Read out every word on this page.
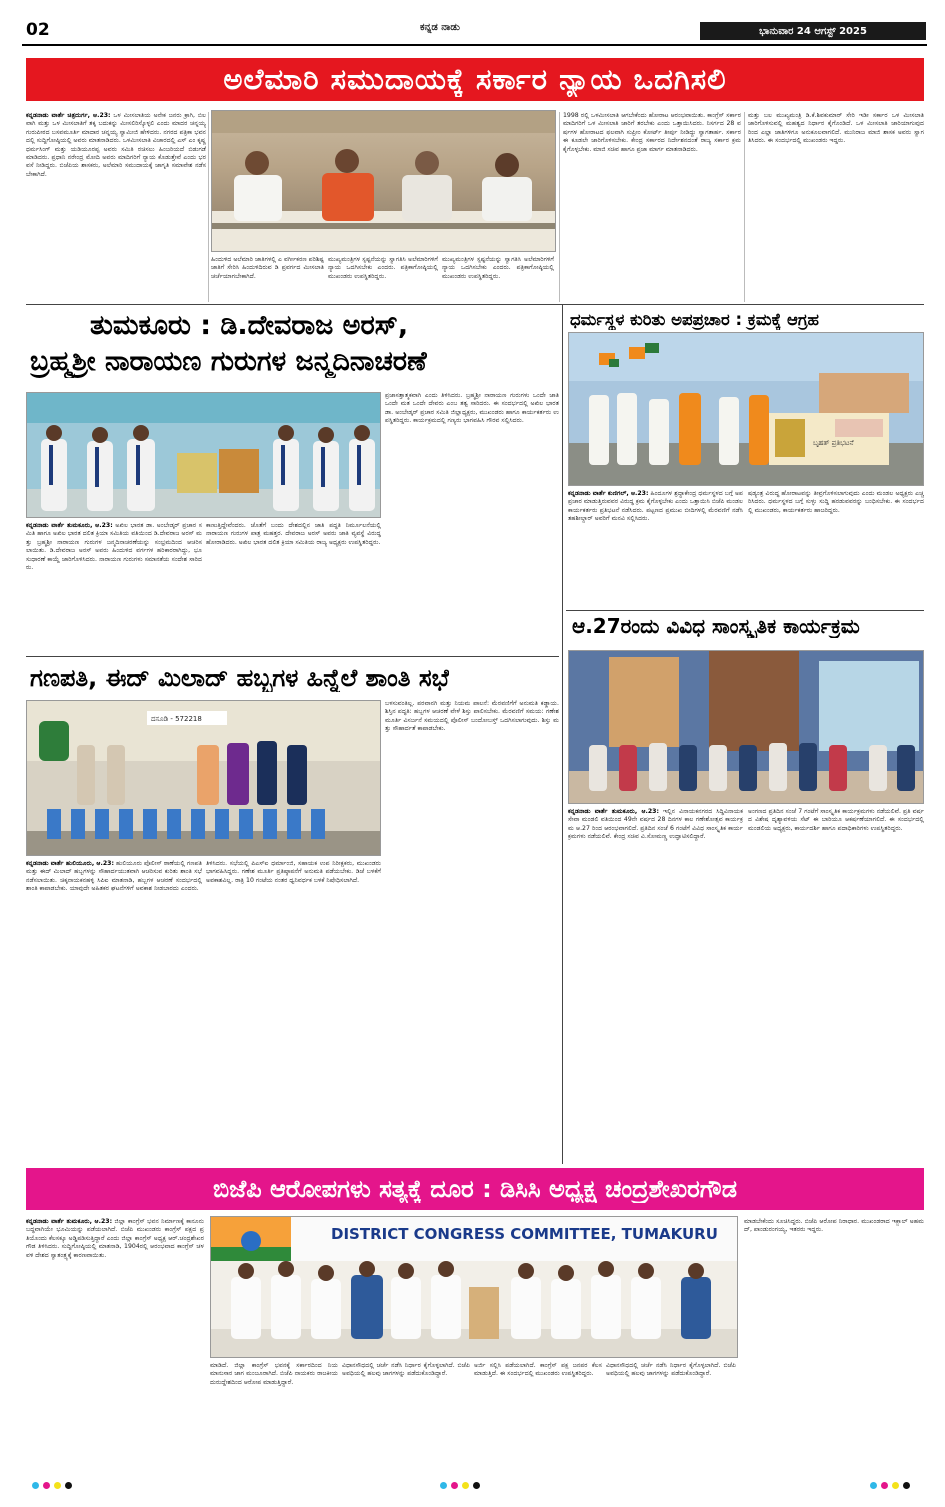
02	ಕನ್ನಡ ನಾಡು	ಭಾನುವಾರ 24 ಆಗಸ್ಟ್ 2025
ಅಲೆಮಾರಿ ಸಮುದಾಯಕ್ಕೆ ಸರ್ಕಾರ ನ್ಯಾಯ ಒದಗಿಸಲಿ
ಕನ್ನಡನಾಡು ವಾರ್ತೆ ಚಿತ್ರದುರ್ಗ, ಆ.23: ಒಳ ಮೀಸಲಾತಿಯ ಅನೇಕ ಜನರು ಕ್ರಾಗಿ, ಬಿಲವಾಗಿ ಮತ್ತು ಒಳ ಮೀಸಲಾತಿಗೆ ತಕ್ಕ ಬದುಕನ್ನು ಮೀಸಲಿರಿಸ್ಕೊಳ್ಳಲಿ ಎಂದು ಮಾದರ ಚನ್ನಯ್ಯ ಗುರುಪೀಠದ ಬಸವಮೂರ್ತಿ ಮಾದಾರ ಚನ್ನಯ್ಯ ಸ್ವಾಮೀಜಿ ಹೇಳಿದರು. ನಗರದ ಪತ್ರಿಕಾ ಭವನದಲ್ಲಿ ಸುದ್ದಿಗೋಷ್ಠಿಯಲ್ಲಿ ಅವರು ಮಾತನಾಡಿದರು. ಒಳಮೀಸಲಾತಿ ವಿಚಾರದಲ್ಲಿ ಎಸ್ ಎಂ ಕೃಷ್ಣ ಧರ್ಮಸಿಂಗ್ ಮತ್ತು ಯಡಿಯೂರಪ್ಪ ಅವರು ಸಮಿತಿ ರಚಿಸಲು ಹಿಂಜರಿಯದೆ ಬಿಡುಗಡೆ ಮಾಡಿದರು. ಪ್ರಧಾನಿ ನರೇಂದ್ರ ಮೋದಿ ಅವರು ಮಾದಿಗರಿಗೆ ನ್ಯಾಯ ಕೊಡುತ್ತೇವೆ ಎಂದು ಭರವಸೆ ನೀಡಿದ್ದರು. ಬಿಜೆಪಿಯ ಶಾಸಕರು, ಅಲೆಮಾರಿ ಸಮುದಾಯಕ್ಕೆ ಜಾಗೃತಿ ಸಮಾವೇಶ ನಡೆಸಬೇಕಾಗಿದೆ.
ಹಿಂದುಳಿದ ಅಲೆಮಾರಿ ಜಾತಿಗಳಲ್ಲಿ ಎ ವರ್ಗೀಕರಣ ಪರಿಶಿಷ್ಟ ಜಾತಿಗೆ ಸೇರಿಸಿ ಹಿಂದುಳಿದಿರುವ ಡಿ ಪ್ರವರ್ಗದ ಮೀಸಲಾತಿ ಚರ್ಚೆಯಾಗಬೇಕಾಗಿದೆ.
ಮುಖ್ಯಮಂತ್ರಿಗಳ ಸ್ಪಷ್ಟನೆಯನ್ನು ಸ್ವಾಗತಿಸಿ ಅಲೆಮಾರಿಗಳಿಗೆ ನ್ಯಾಯ ಒದಗಿಸಬೇಕು ಎಂದರು. ಪತ್ರಿಕಾಗೋಷ್ಠಿಯಲ್ಲಿ ಮುಖಂಡರು ಉಪಸ್ಥಿತರಿದ್ದರು.
ಮುಖ್ಯಮಂತ್ರಿಗಳ ಸ್ಪಷ್ಟನೆಯನ್ನು ಸ್ವಾಗತಿಸಿ ಅಲೆಮಾರಿಗಳಿಗೆ ನ್ಯಾಯ ಒದಗಿಸಬೇಕು ಎಂದರು. ಪತ್ರಿಕಾಗೋಷ್ಠಿಯಲ್ಲಿ ಮುಖಂಡರು ಉಪಸ್ಥಿತರಿದ್ದರು.
1998 ರಲ್ಲಿ ಒಳಮೀಸಲಾತಿ ಆಗಬೇಕೆಂದು ಹೋರಾಟ ಆರಂಭವಾಯಿತು. ಕಾಂಗ್ರೆಸ್ ಸರ್ಕಾರ ಮಾದಿಗರಿಗೆ ಒಳ ಮೀಸಲಾತಿ ಜಾರಿಗೆ ತರಬೇಕು ಎಂದು ಒತ್ತಾಯಿಸಿದರು. ನಿಸರ್ಗದ 28 ವರ್ಷಗಳ ಹೋರಾಟದ ಫಲವಾಗಿ ಸುಪ್ರೀಂ ಕೋರ್ಟ್ ತೀರ್ಪು ನೀಡಿದ್ದು ಸ್ವಾಗತಾರ್ಹ. ಸರ್ಕಾರ ಈ ಕೂಡಲೇ ಜಾರಿಗೊಳಿಸಬೇಕು. ಕೇಂದ್ರ ಸರ್ಕಾರದ ನಿರ್ದೇಶನದಂತೆ ರಾಜ್ಯ ಸರ್ಕಾರ ಕ್ರಮ ಕೈಗೊಳ್ಳಬೇಕು. ಮಾಜಿ ಸಚಿವ ಹಾಗೂ ಪ್ರಜಾ ಮಾರ್ಗ ಮಾತನಾಡಿದರು.
ಮತ್ತು ಬಲ ಮುಖ್ಯಮಂತ್ರಿ ಡಿ.ಕೆ.ಶಿವಕುಮಾರ್ ಸೇರಿ ಇಡೀ ಸರ್ಕಾರ ಒಳ ಮೀಸಲಾತಿ ಜಾರಿಗೊಳಿಸುವಲ್ಲಿ ಮಹತ್ವದ ನಿರ್ಧಾರ ಕೈಗೊಂಡಿದೆ. ಒಳ ಮೀಸಲಾತಿ ಜಾರಿಯಾಗುವುದರಿಂದ ಎಲ್ಲಾ ಜಾತಿಗಳಿಗೂ ಅನುಕೂಲವಾಗಲಿದೆ. ಮುನಿರಾಜ ಮಾಜಿ ಶಾಸಕ ಅವರು ಸ್ವಾಗತಿಸಿದರು. ಈ ಸಂದರ್ಭದಲ್ಲಿ ಮುಖಂಡರು ಇದ್ದರು.
ತುಮಕೂರು : ಡಿ.ದೇವರಾಜ ಅರಸ್,
ಬ್ರಹ್ಮಶ್ರೀ ನಾರಾಯಣ ಗುರುಗಳ ಜನ್ಮದಿನಾಚರಣೆ
ಪ್ರಜಾಸತ್ತಾತ್ಮಕವಾಗಿ ಎಂದು ತಿಳಿಸಿದರು. ಬ್ರಹ್ಮಶ್ರೀ ನಾರಾಯಣ ಗುರುಗಳು ಒಂದೇ ಜಾತಿ ಒಂದೇ ಮತ ಒಂದೇ ದೇವರು ಎಂಬ ತತ್ವ ಸಾರಿದರು. ಈ ಸಂದರ್ಭದಲ್ಲಿ ಅಖಿಲ ಭಾರತ ಡಾ. ಅಂಬೇಡ್ಕರ್ ಪ್ರಚಾರ ಸಮಿತಿ ಜಿಲ್ಲಾಧ್ಯಕ್ಷರು, ಮುಖಂಡರು ಹಾಗೂ ಕಾರ್ಯಕರ್ತರು ಉಪಸ್ಥಿತರಿದ್ದರು. ಕಾರ್ಯಕ್ರಮದಲ್ಲಿ ಗಣ್ಯರು ಭಾಗವಹಿಸಿ ಗೌರವ ಸಲ್ಲಿಸಿದರು.
ಕನ್ನಡನಾಡು ವಾರ್ತೆ ತುಮಕೂರು, ಆ.23: ಅಖಿಲ ಭಾರತ ಡಾ. ಅಂಬೇಡ್ಕರ್ ಪ್ರಚಾರ ಸಮಿತಿ ಹಾಗೂ ಅಖಿಲ ಭಾರತ ದಲಿತ ಕ್ರಿಯಾ ಸಮಿತಿಯ ವತಿಯಿಂದ ಡಿ.ದೇವರಾಜ ಅರಸ್ ಮತ್ತು ಬ್ರಹ್ಮಶ್ರೀ ನಾರಾಯಣ ಗುರುಗಳ ಜನ್ಮದಿನಾಚರಣೆಯನ್ನು ಸಂಭ್ರಮದಿಂದ ಆಚರಿಸಲಾಯಿತು. ಡಿ.ದೇವರಾಜ ಅರಸ್ ಅವರು ಹಿಂದುಳಿದ ವರ್ಗಗಳ ಹರಿಕಾರರಾಗಿದ್ದು, ಭೂ ಸುಧಾರಣೆ ಕಾಯ್ದೆ ಜಾರಿಗೊಳಿಸಿದರು. ನಾರಾಯಣ ಗುರುಗಳು ಸಮಾನತೆಯ ಸಂದೇಶ ಸಾರಿದರು.
ಕಾಣುತ್ತಿದ್ದೇವೆಂದರು. ಜೊತೆಗೆ ಬಂದು ದೇಶದಲ್ಲಿನ ಜಾತಿ ಪದ್ಧತಿ ನಿರ್ಮೂಲನೆಯಲ್ಲಿ ನಾರಾಯಣ ಗುರುಗಳ ಪಾತ್ರ ಮಹತ್ತರ. ದೇವರಾಜ ಅರಸ್ ಅವರು ಜಾತಿ ವ್ಯವಸ್ಥೆ ವಿರುದ್ಧ ಹೋರಾಡಿದರು. ಅಖಿಲ ಭಾರತ ದಲಿತ ಕ್ರಿಯಾ ಸಮಿತಿಯ ರಾಜ್ಯ ಅಧ್ಯಕ್ಷರು ಉಪಸ್ಥಿತರಿದ್ದರು.
ಧರ್ಮಸ್ಥಳ ಕುರಿತು ಅಪಪ್ರಚಾರ : ಕ್ರಮಕ್ಕೆ ಆಗ್ರಹ
ಬೃಹತ್ ಪ್ರತಿಭಟನೆ
ಕನ್ನಡನಾಡು ವಾರ್ತೆ ಕುಣಿಗಲ್, ಆ.23: ಹಿಂದೂಗಳ ಶ್ರದ್ಧಾಕೇಂದ್ರ ಧರ್ಮಸ್ಥಳದ ಬಗ್ಗೆ ಅಪಪ್ರಚಾರ ಮಾಡುತ್ತಿರುವವರ ವಿರುದ್ಧ ಕ್ರಮ ಕೈಗೊಳ್ಳಬೇಕು ಎಂದು ಒತ್ತಾಯಿಸಿ ಬಿಜೆಪಿ ಮಂಡಲ ಕಾರ್ಯಕರ್ತರು ಪ್ರತಿಭಟನೆ ನಡೆಸಿದರು. ಪಟ್ಟಣದ ಪ್ರಮುಖ ಬೀದಿಗಳಲ್ಲಿ ಮೆರವಣಿಗೆ ನಡೆಸಿ ತಹಶೀಲ್ದಾರ್ ಅವರಿಗೆ ಮನವಿ ಸಲ್ಲಿಸಿದರು.
ಷಡ್ಯಂತ್ರ ವಿರುದ್ಧ ಹೋರಾಟವನ್ನು ತೀವ್ರಗೊಳಿಸಲಾಗುವುದು ಎಂದು ಮಂಡಲ ಅಧ್ಯಕ್ಷರು ಎಚ್ಚರಿಸಿದರು. ಧರ್ಮಸ್ಥಳದ ಬಗ್ಗೆ ಸುಳ್ಳು ಸುದ್ದಿ ಹರಡುವವರನ್ನು ಬಂಧಿಸಬೇಕು. ಈ ಸಂದರ್ಭದಲ್ಲಿ ಮುಖಂಡರು, ಕಾರ್ಯಕರ್ತರು ಹಾಜರಿದ್ದರು.
ಆ.27ರಂದು ವಿವಿಧ ಸಾಂಸ್ಕೃತಿಕ ಕಾರ್ಯಕ್ರಮ
ಕನ್ನಡನಾಡು ವಾರ್ತೆ ತುಮಕೂರು, ಆ.23: ಇಲ್ಲಿನ ವಿನಾಯಕನಗರದ ಸಿದ್ಧಿವಿನಾಯಕ ಸೇವಾ ಮಂಡಲಿ ವತಿಯಿಂದ 49ನೇ ವರ್ಷದ 28 ದಿನಗಳ ಕಾಲ ಗಣೇಶೋತ್ಸವ ಕಾರ್ಯಕ್ರಮ ಆ.27 ರಿಂದ ಆರಂಭವಾಗಲಿದೆ. ಪ್ರತಿದಿನ ಸಂಜೆ 6 ಗಂಟೆಗೆ ವಿವಿಧ ಸಾಂಸ್ಕೃತಿಕ ಕಾರ್ಯಕ್ರಮಗಳು ನಡೆಯಲಿವೆ. ಕೇಂದ್ರ ಸಚಿವ ವಿ.ಸೋಮಣ್ಣ ಉದ್ಘಾಟಿಸಲಿದ್ದಾರೆ.
ಅಂಗಣದ ಪ್ರತಿದಿನ ಸಂಜೆ 7 ಗಂಟೆಗೆ ಸಾಂಸ್ಕೃತಿಕ ಕಾರ್ಯಕ್ರಮಗಳು ನಡೆಯಲಿವೆ. ಪ್ರತಿ ವರ್ಷದ ವಿಶೇಷ ದೃಶ್ಯಾವಳಿಯ ಸೆಟ್ ಈ ಬಾರಿಯೂ ಆಕರ್ಷಣೆಯಾಗಲಿದೆ. ಈ ಸಂದರ್ಭದಲ್ಲಿ ಮಂಡಲಿಯ ಅಧ್ಯಕ್ಷರು, ಕಾರ್ಯದರ್ಶಿ ಹಾಗೂ ಪದಾಧಿಕಾರಿಗಳು ಉಪಸ್ಥಿತರಿದ್ದರು.
ಗಣಪತಿ, ಈದ್ ಮಿಲಾದ್ ಹಬ್ಬಗಳ ಹಿನ್ನೆಲೆ ಶಾಂತಿ ಸಭೆ
ದಸೂಡಿ - 572218
ಬಳಸುವಂತಿಲ್ಲ. ಪರವಾನಗಿ ಮತ್ತು ನಿಯಮ ಪಾಲನೆ: ಮೆರವಣಿಗೆಗೆ ಅನುಮತಿ ಕಡ್ಡಾಯ. ಶಿಸ್ತಿನ ಪದ್ಧತಿ: ಹಬ್ಬಗಳ ಆಚರಣೆ ವೇಳೆ ಶಿಸ್ತು ಪಾಲಿಸಬೇಕು. ಮೆರವಣಿಗೆ ಸಮಯ: ಗಣೇಶ ಮೂರ್ತಿ ವಿಸರ್ಜನೆ ಸಮಯದಲ್ಲಿ ಪೊಲೀಸ್ ಬಂದೋಬಸ್ತ್ ಒದಗಿಸಲಾಗುವುದು. ಶಿಸ್ತು ಮತ್ತು ಸೌಹಾರ್ದತೆ ಕಾಪಾಡಬೇಕು.
ಕನ್ನಡನಾಡು ವಾರ್ತೆ ಹುಲಿಯೂರು, ಆ.23: ಹುಲಿಯೂರು ಪೊಲೀಸ್ ಠಾಣೆಯಲ್ಲಿ ಗಣಪತಿ ಮತ್ತು ಈದ್ ಮಿಲಾದ್ ಹಬ್ಬಗಳನ್ನು ಸೌಹಾರ್ದಯುತವಾಗಿ ಆಚರಿಸುವ ಕುರಿತು ಶಾಂತಿ ಸಭೆ ನಡೆಸಲಾಯಿತು. ಚಿಕ್ಕನಾಯಕನಹಳ್ಳಿ ಸಿಪಿಐ ಮಾತನಾಡಿ, ಹಬ್ಬಗಳ ಆಚರಣೆ ಸಂದರ್ಭದಲ್ಲಿ ಶಾಂತಿ ಕಾಪಾಡಬೇಕು. ಯಾವುದೇ ಅಹಿತಕರ ಘಟನೆಗಳಿಗೆ ಅವಕಾಶ ನೀಡಬಾರದು ಎಂದರು.
ತಿಳಿಸಿದರು. ಸಭೆಯಲ್ಲಿ ಪಿಎಸ್ಐ ಧರ್ಮಾಂಜಿ, ಸಹಾಯಕ ಉಪ ನಿರೀಕ್ಷಕರು, ಮುಖಂಡರು ಭಾಗವಹಿಸಿದ್ದರು. ಗಣೇಶ ಮೂರ್ತಿ ಪ್ರತಿಷ್ಠಾಪನೆಗೆ ಅನುಮತಿ ಪಡೆಯಬೇಕು. ಡಿಜೆ ಬಳಕೆಗೆ ಅವಕಾಶವಿಲ್ಲ. ರಾತ್ರಿ 10 ಗಂಟೆಯ ನಂತರ ಧ್ವನಿವರ್ಧಕ ಬಳಕೆ ನಿಷೇಧಿಸಲಾಗಿದೆ.
ಬಿಜೆಪಿ ಆರೋಪಗಳು ಸತ್ಯಕ್ಕೆ ದೂರ : ಡಿಸಿಸಿ ಅಧ್ಯಕ್ಷ ಚಂದ್ರಶೇಖರಗೌಡ
ಕನ್ನಡನಾಡು ವಾರ್ತೆ ತುಮಕೂರು, ಆ.23: ಜಿಲ್ಲಾ ಕಾಂಗ್ರೆಸ್ ಭವನ ನಿರ್ಮಾಣಕ್ಕೆ ಕಾನೂನು ಬದ್ಧವಾಗಿಯೇ ಭೂಮಿಯನ್ನು ಪಡೆಯಲಾಗಿದೆ. ಬಿಜೆಪಿ ಮುಖಂಡರು ಕಾಂಗ್ರೆಸ್ ಪಕ್ಷದ ಪ್ರತಿಯೊಂದು ಕೆಲಸಕ್ಕೂ ಅಡ್ಡಿಪಡಿಸುತ್ತಿದ್ದಾರೆ ಎಂದು ಜಿಲ್ಲಾ ಕಾಂಗ್ರೆಸ್ ಅಧ್ಯಕ್ಷ ಆರ್.ಚಂದ್ರಶೇಖರಗೌಡ ತಿಳಿಸಿದರು. ಸುದ್ದಿಗೋಷ್ಠಿಯಲ್ಲಿ ಮಾತನಾಡಿ, 1904ರಲ್ಲಿ ಆರಂಭವಾದ ಕಾಂಗ್ರೆಸ್ ಚಳವಳಿ ದೇಶದ ಸ್ವಾತಂತ್ರ್ಯಕ್ಕೆ ಕಾರಣವಾಯಿತು.
DISTRICT CONGRESS COMMITTEE, TUMAKURU
ಮಾಡಿದೆ. ಜಿಲ್ಲಾ ಕಾಂಗ್ರೆಸ್ ಭವನಕ್ಕೆ ಸರ್ಕಾರದಿಂದ ನಿಯಮಾನುಸಾರ ಜಾಗ ಮಂಜೂರಾಗಿದೆ. ಬಿಜೆಪಿ ನಾಯಕರು ರಾಜಕೀಯ ದುರುದ್ದೇಶದಿಂದ ಆರೋಪ ಮಾಡುತ್ತಿದ್ದಾರೆ.
ವಿಧಾನಸೌಧದಲ್ಲಿ ಚರ್ಚೆ ನಡೆಸಿ ನಿರ್ಧಾರ ಕೈಗೊಳ್ಳಲಾಗಿದೆ. ಬಿಜೆಪಿ ಅವಧಿಯಲ್ಲಿ ಹಲವು ಜಾಗಗಳನ್ನು ಪಡೆದುಕೊಂಡಿದ್ದಾರೆ.
ಅರ್ಜಿ ಸಲ್ಲಿಸಿ ಪಡೆಯಲಾಗಿದೆ. ಕಾಂಗ್ರೆಸ್ ಪಕ್ಷ ಜನಪರ ಕೆಲಸ ಮಾಡುತ್ತಿದೆ. ಈ ಸಂದರ್ಭದಲ್ಲಿ ಮುಖಂಡರು ಉಪಸ್ಥಿತರಿದ್ದರು.
ವಿಧಾನಸೌಧದಲ್ಲಿ ಚರ್ಚೆ ನಡೆಸಿ ನಿರ್ಧಾರ ಕೈಗೊಳ್ಳಲಾಗಿದೆ. ಬಿಜೆಪಿ ಅವಧಿಯಲ್ಲಿ ಹಲವು ಜಾಗಗಳನ್ನು ಪಡೆದುಕೊಂಡಿದ್ದಾರೆ.
ಮಾಡಬೇಕೆಂದು ಸೂಚಿಸಿದ್ದರು. ಬಿಜೆಪಿ ಆರೋಪ ನಿರಾಧಾರ. ಮುಖಂಡರಾದ ಇಕ್ಬಾಲ್ ಅಹಮದ್, ಪಾಂಡುರಂಗಯ್ಯ, ಇತರರು ಇದ್ದರು.
